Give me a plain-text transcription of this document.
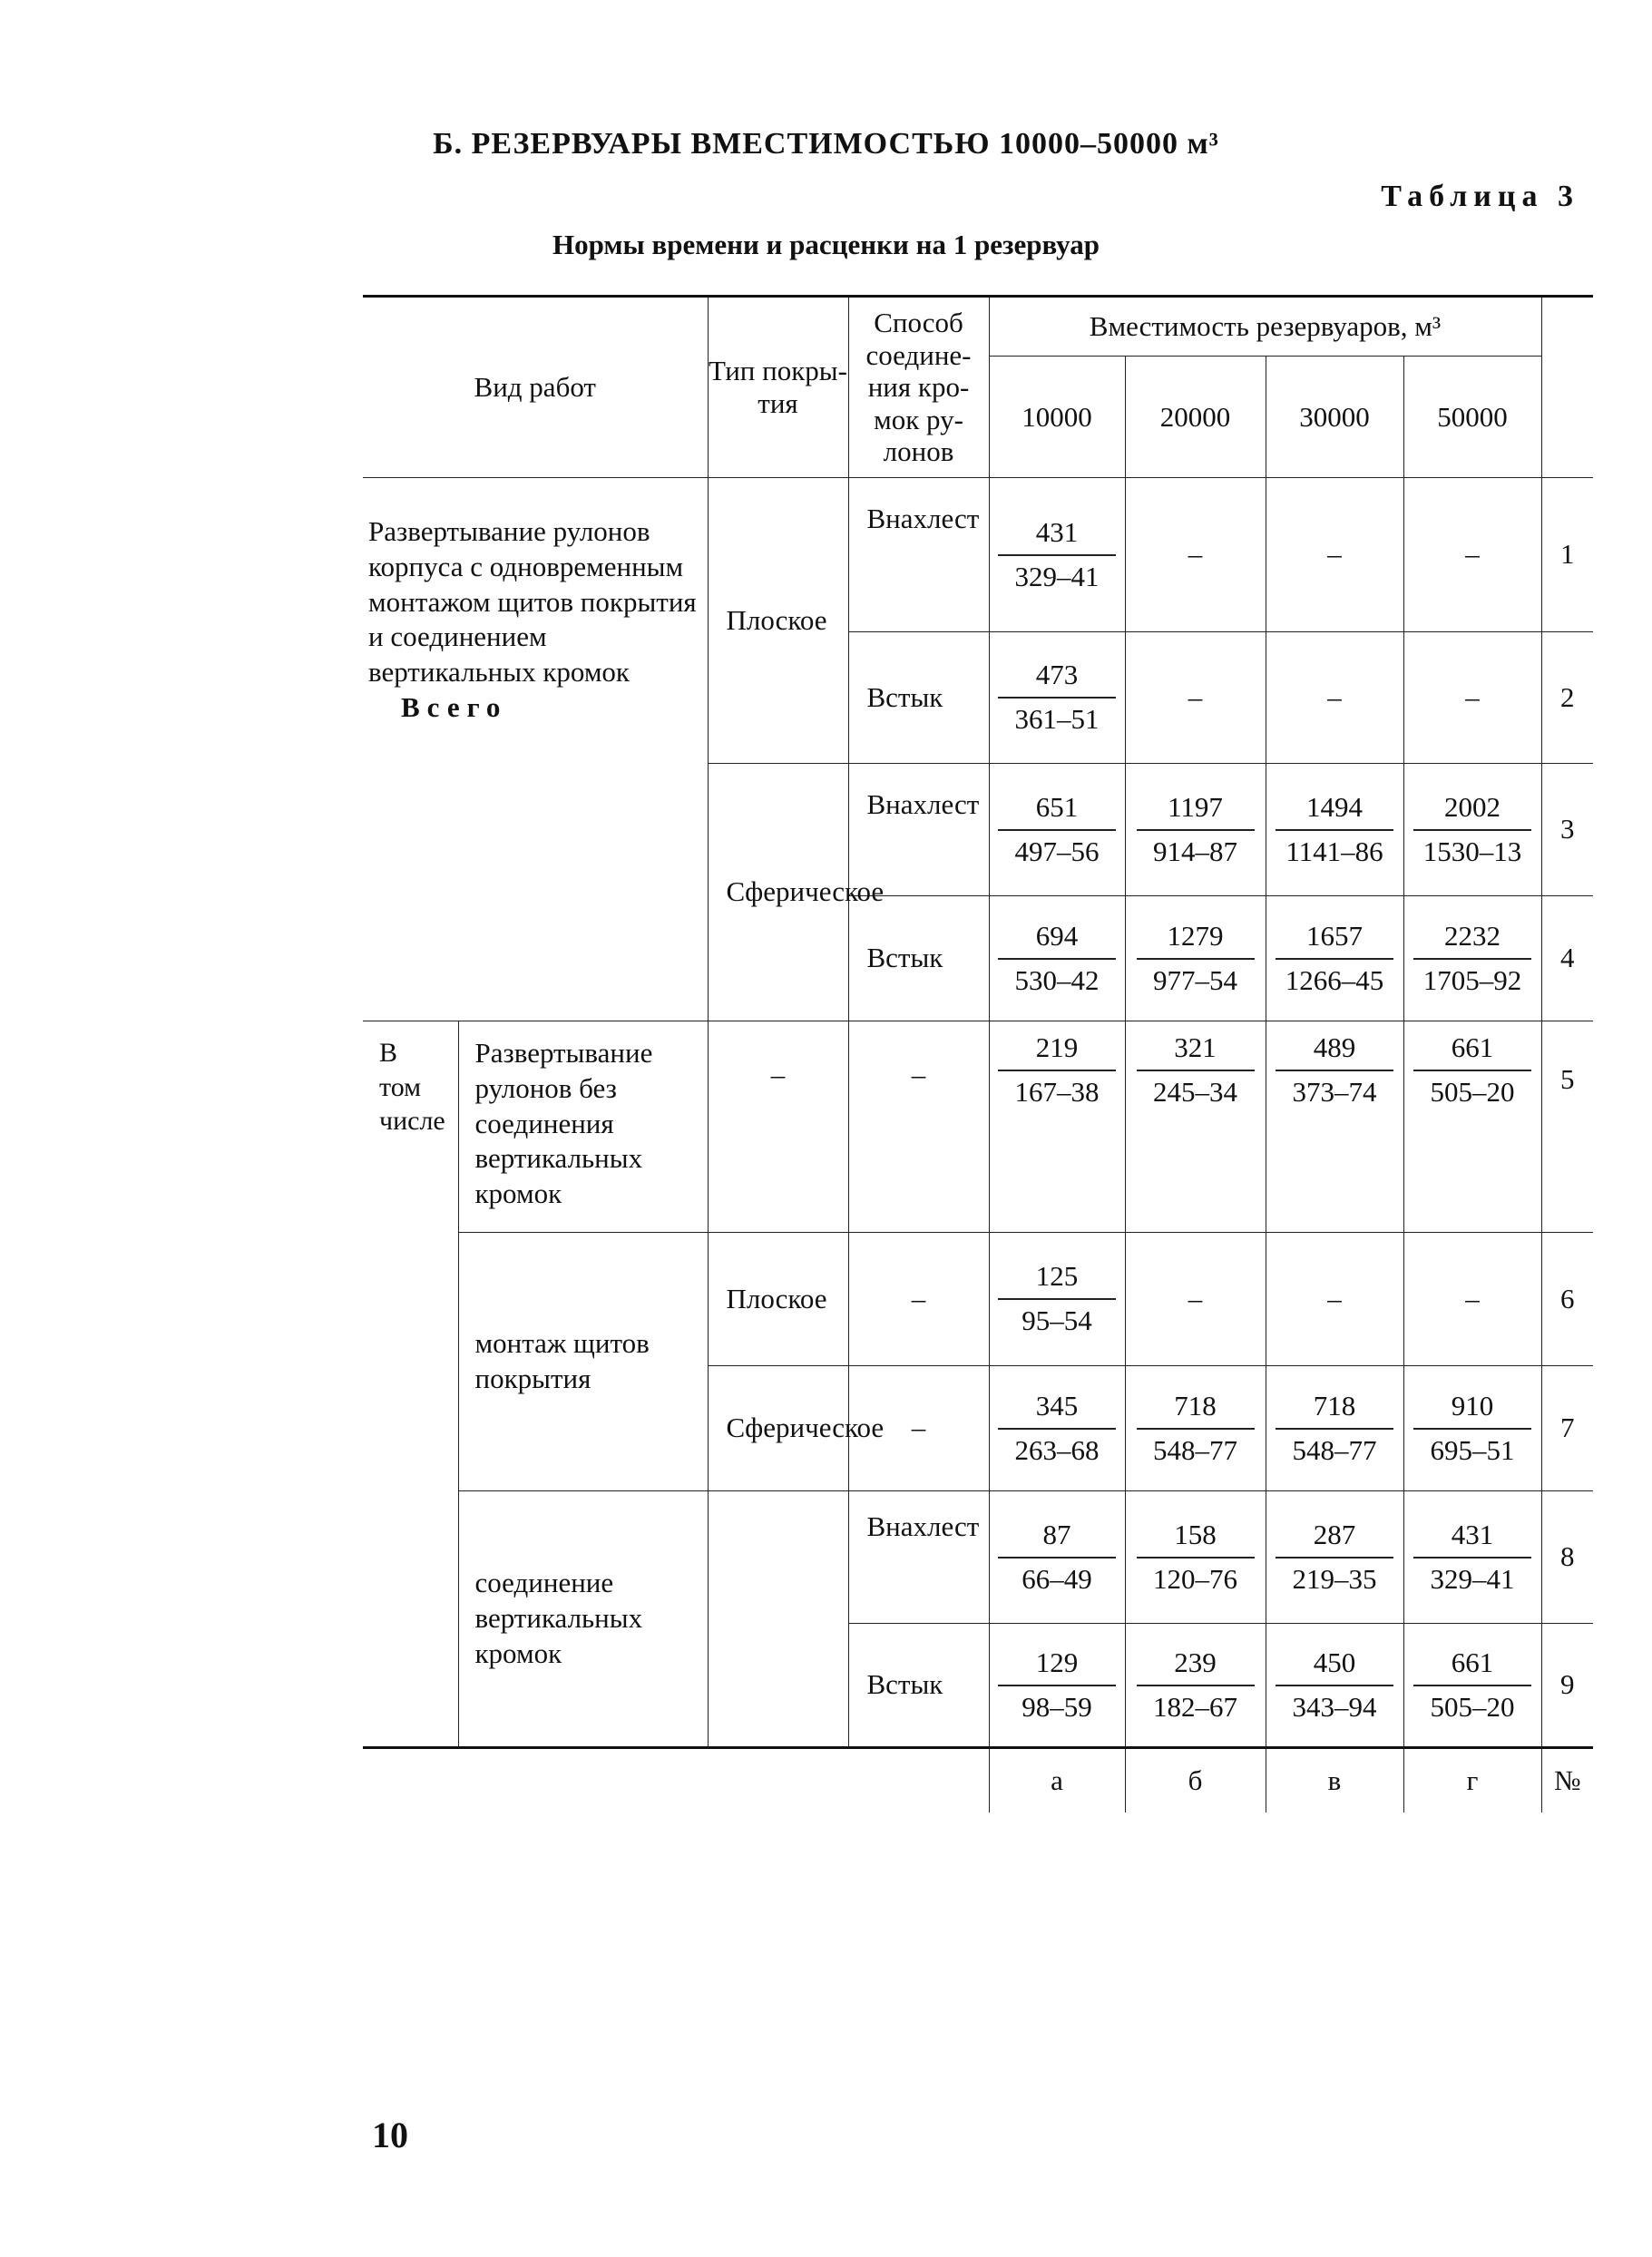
Б. РЕЗЕРВУАРЫ ВМЕСТИМОСТЬЮ 10000–50000 м³
Таблица 3
Нормы времени и расценки на 1 резервуар
Вид работ		Тип покры-тия	Способ соедине-ния кро-мок ру-лонов	Вместимость резервуаров, м³				
				10000	20000	30000	50000	
Развертывание рулонов корпуса с одновременным монтажом щитов покрытия и соединением вертикальных кромок
Всего		Плоское	Внахлест	$\frac{431}{329-41}$	–	–	–	1
			Встык	$\frac{473}{361-51}$	–	–	–	2
		Сферическое	Внахлест	$\frac{651}{497-56}$	$\frac{1197}{914-87}$	$\frac{1494}{1141-86}$	$\frac{2002}{1530-13}$	3
			Встык	$\frac{694}{530-42}$	$\frac{1279}{977-54}$	$\frac{1657}{1266-45}$	$\frac{2232}{1705-92}$	4
В том числе	Развертывание рулонов без соединения вертикальных кромок	–	–	$\frac{219}{167-38}$	$\frac{321}{245-34}$	$\frac{489}{373-74}$	$\frac{661}{505-20}$	5
	монтаж щитов покрытия	Плоское	–	$\frac{125}{95-54}$	–	–	–	6
		Сферическое	–	$\frac{345}{263-68}$	$\frac{718}{548-77}$	$\frac{718}{548-77}$	$\frac{910}{695-51}$	7
	соединение вертикальных кромок		Внахлест	$\frac{87}{66-49}$	$\frac{158}{120-76}$	$\frac{287}{219-35}$	$\frac{431}{329-41}$	8
			Встык	$\frac{129}{98-59}$	$\frac{239}{182-67}$	$\frac{450}{343-94}$	$\frac{661}{505-20}$	9
				а	б	в	г	№
10
